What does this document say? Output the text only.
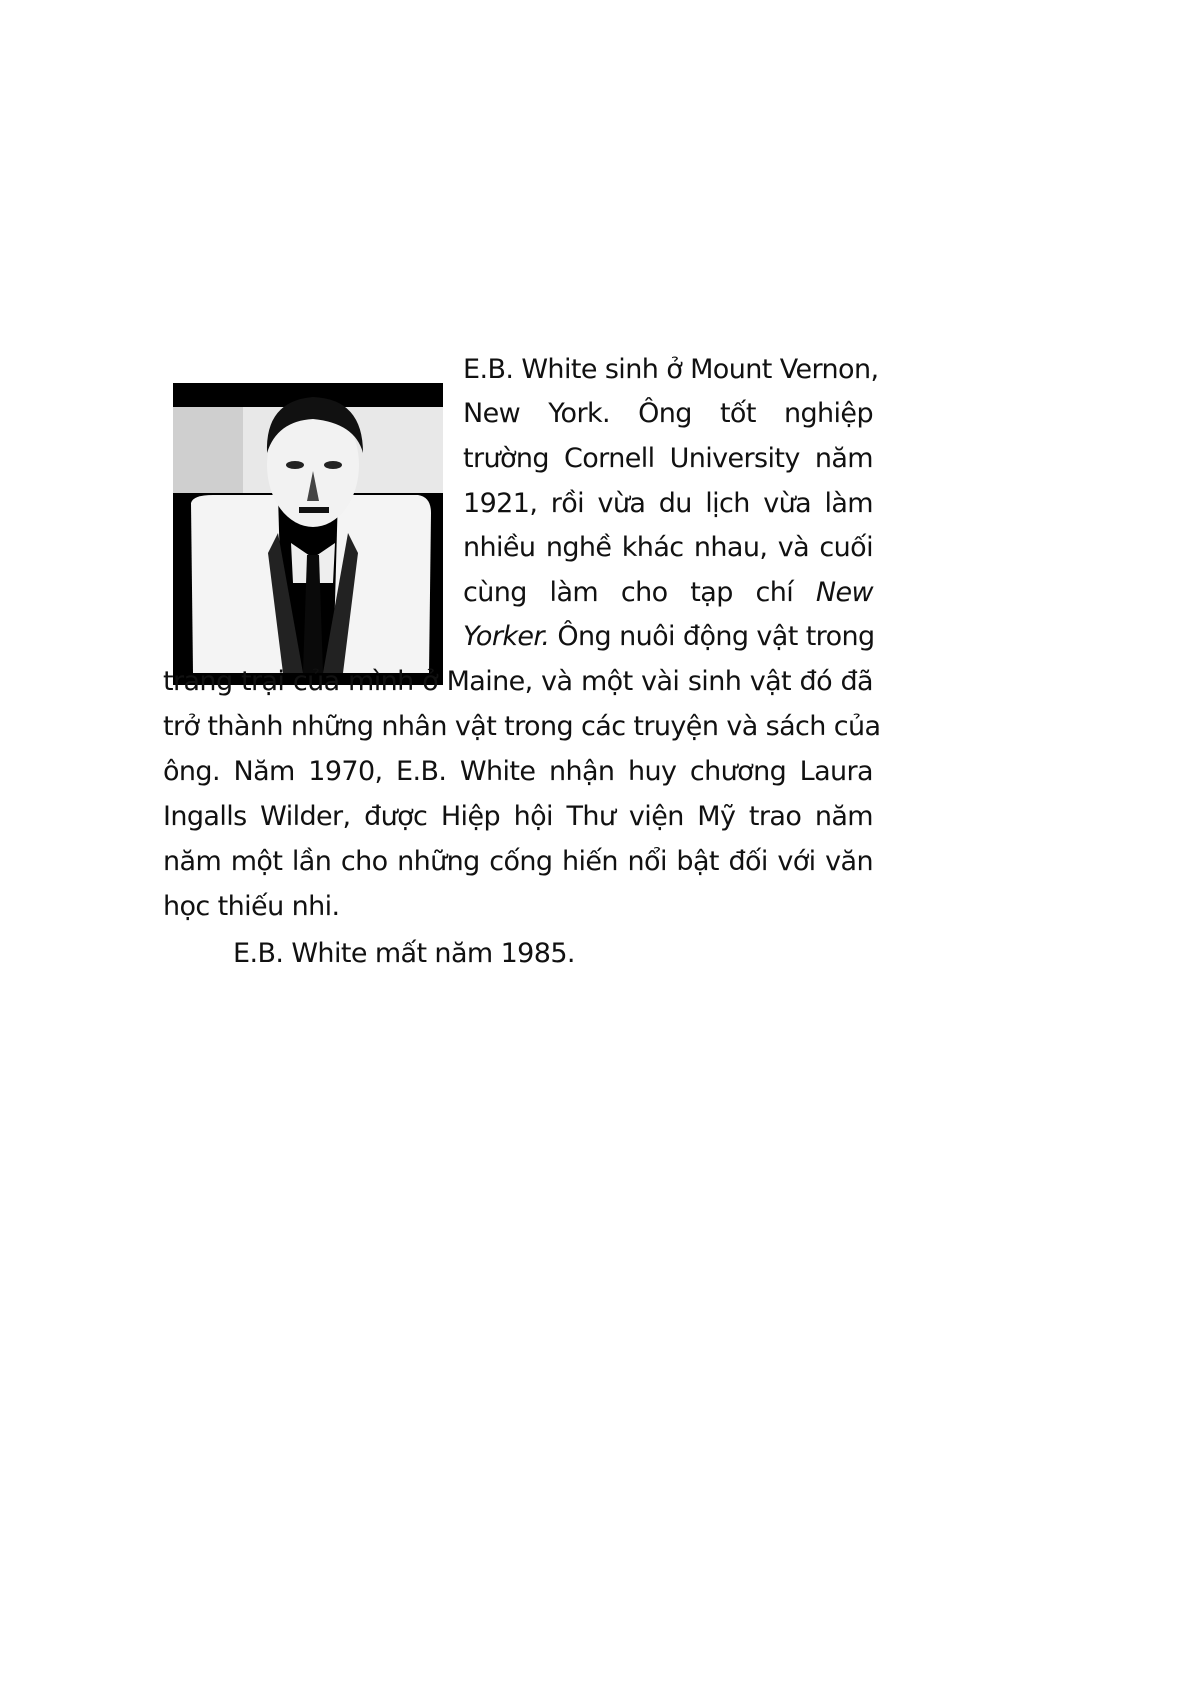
E.B. White sinh ở Mount Vernon,
New York. Ông tốt nghiệp
trường Cornell University năm
1921, rồi vừa du lịch vừa làm
nhiều nghề khác nhau, và cuối
cùng làm cho tạp chí New
Yorker. Ông nuôi động vật trong
trang trại của mình ở Maine, và một vài sinh vật đó đã
trở thành những nhân vật trong các truyện và sách của
ông. Năm 1970, E.B. White nhận huy chương Laura
Ingalls Wilder, được Hiệp hội Thư viện Mỹ trao năm
năm một lần cho những cống hiến nổi bật đối với văn
học thiếu nhi.
E.B. White mất năm 1985.
